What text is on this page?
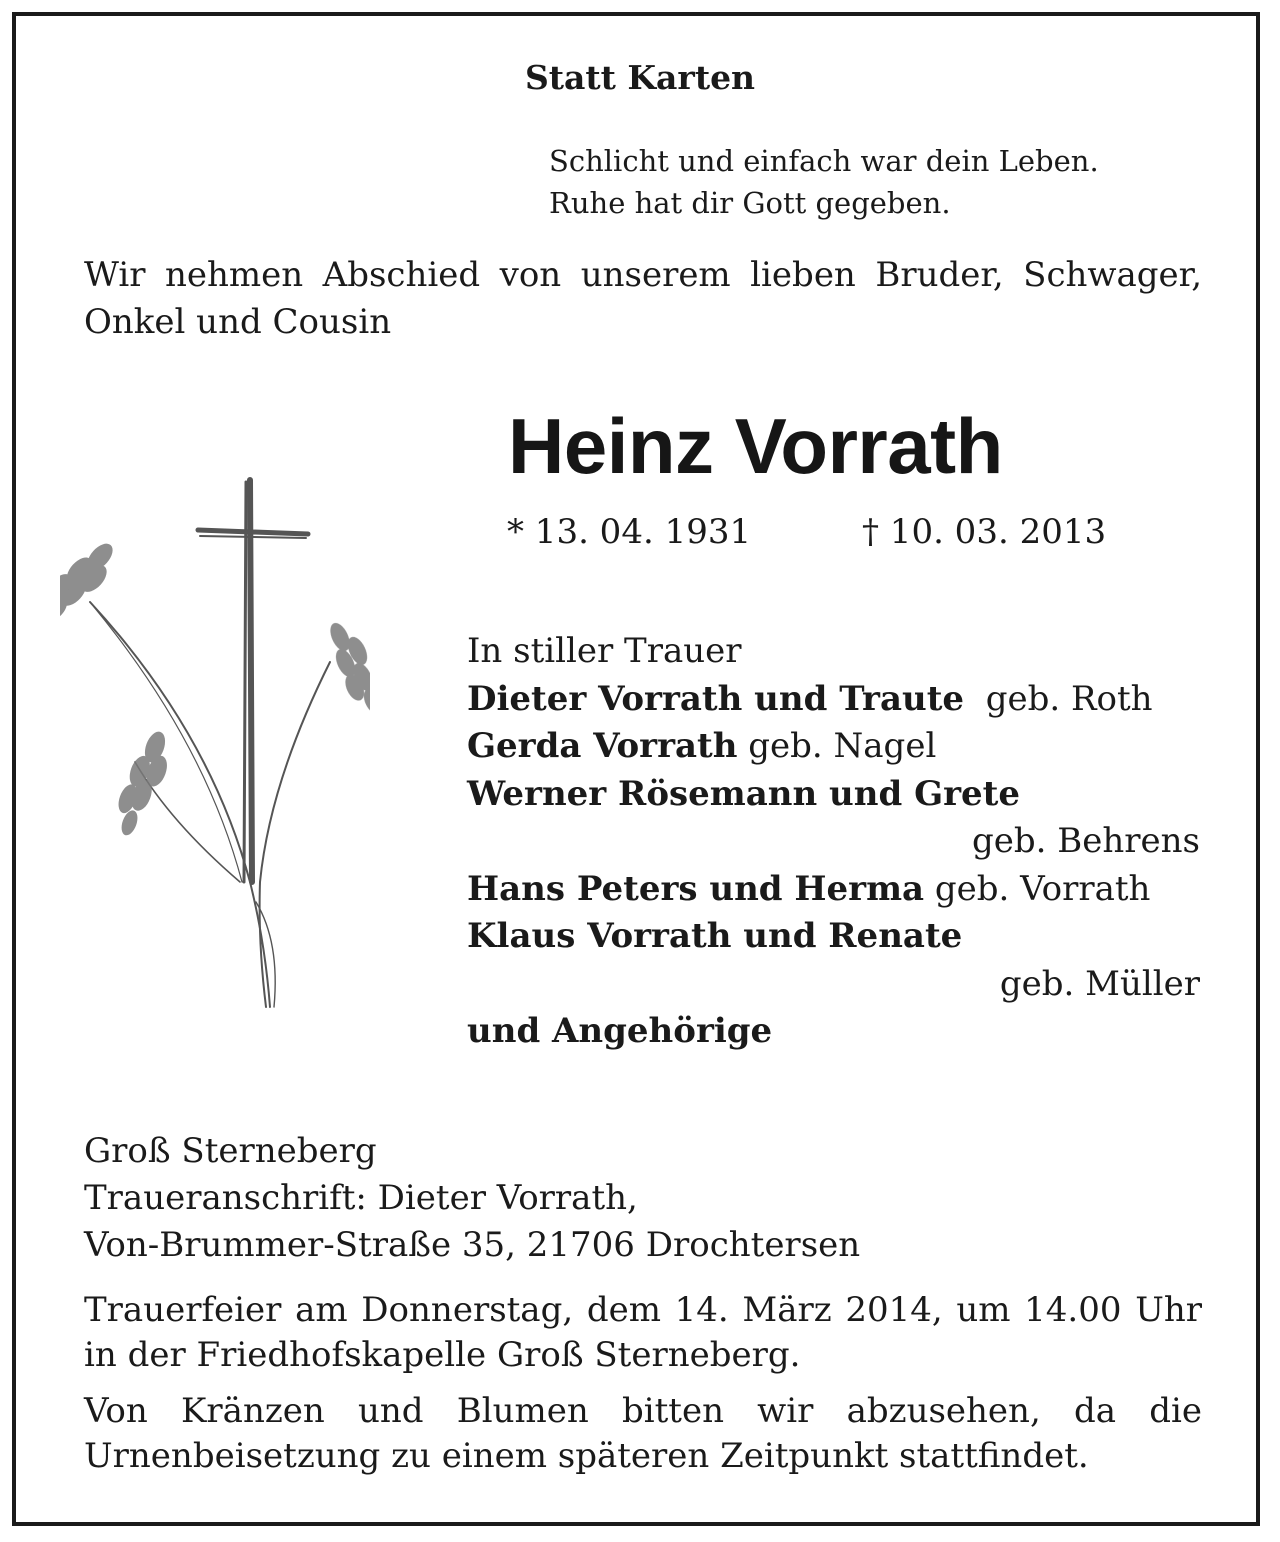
Statt Karten
Schlicht und einfach war dein Leben.
Ruhe hat dir Gott gegeben.
Wir nehmen Abschied von unserem lieben Bruder, Schwager, Onkel und Cousin
Heinz Vorrath
* 13. 04. 1931	† 10. 03. 2013
In stiller Trauer
Dieter Vorrath und Traute geb. Roth
Gerda Vorrath geb. Nagel
Werner Rösemann und Grete
geb. Behrens
Hans Peters und Herma geb. Vorrath
Klaus Vorrath und Renate
geb. Müller
und Angehörige
Groß Sterneberg
Traueranschrift: Dieter Vorrath,
Von-Brummer-Straße 35, 21706 Drochtersen
Trauerfeier am Donnerstag, dem 14. März 2014, um 14.00 Uhr in der Friedhofskapelle Groß Sterneberg.
Von Kränzen und Blumen bitten wir abzusehen, da die Urnenbeisetzung zu einem späteren Zeitpunkt stattfindet.
